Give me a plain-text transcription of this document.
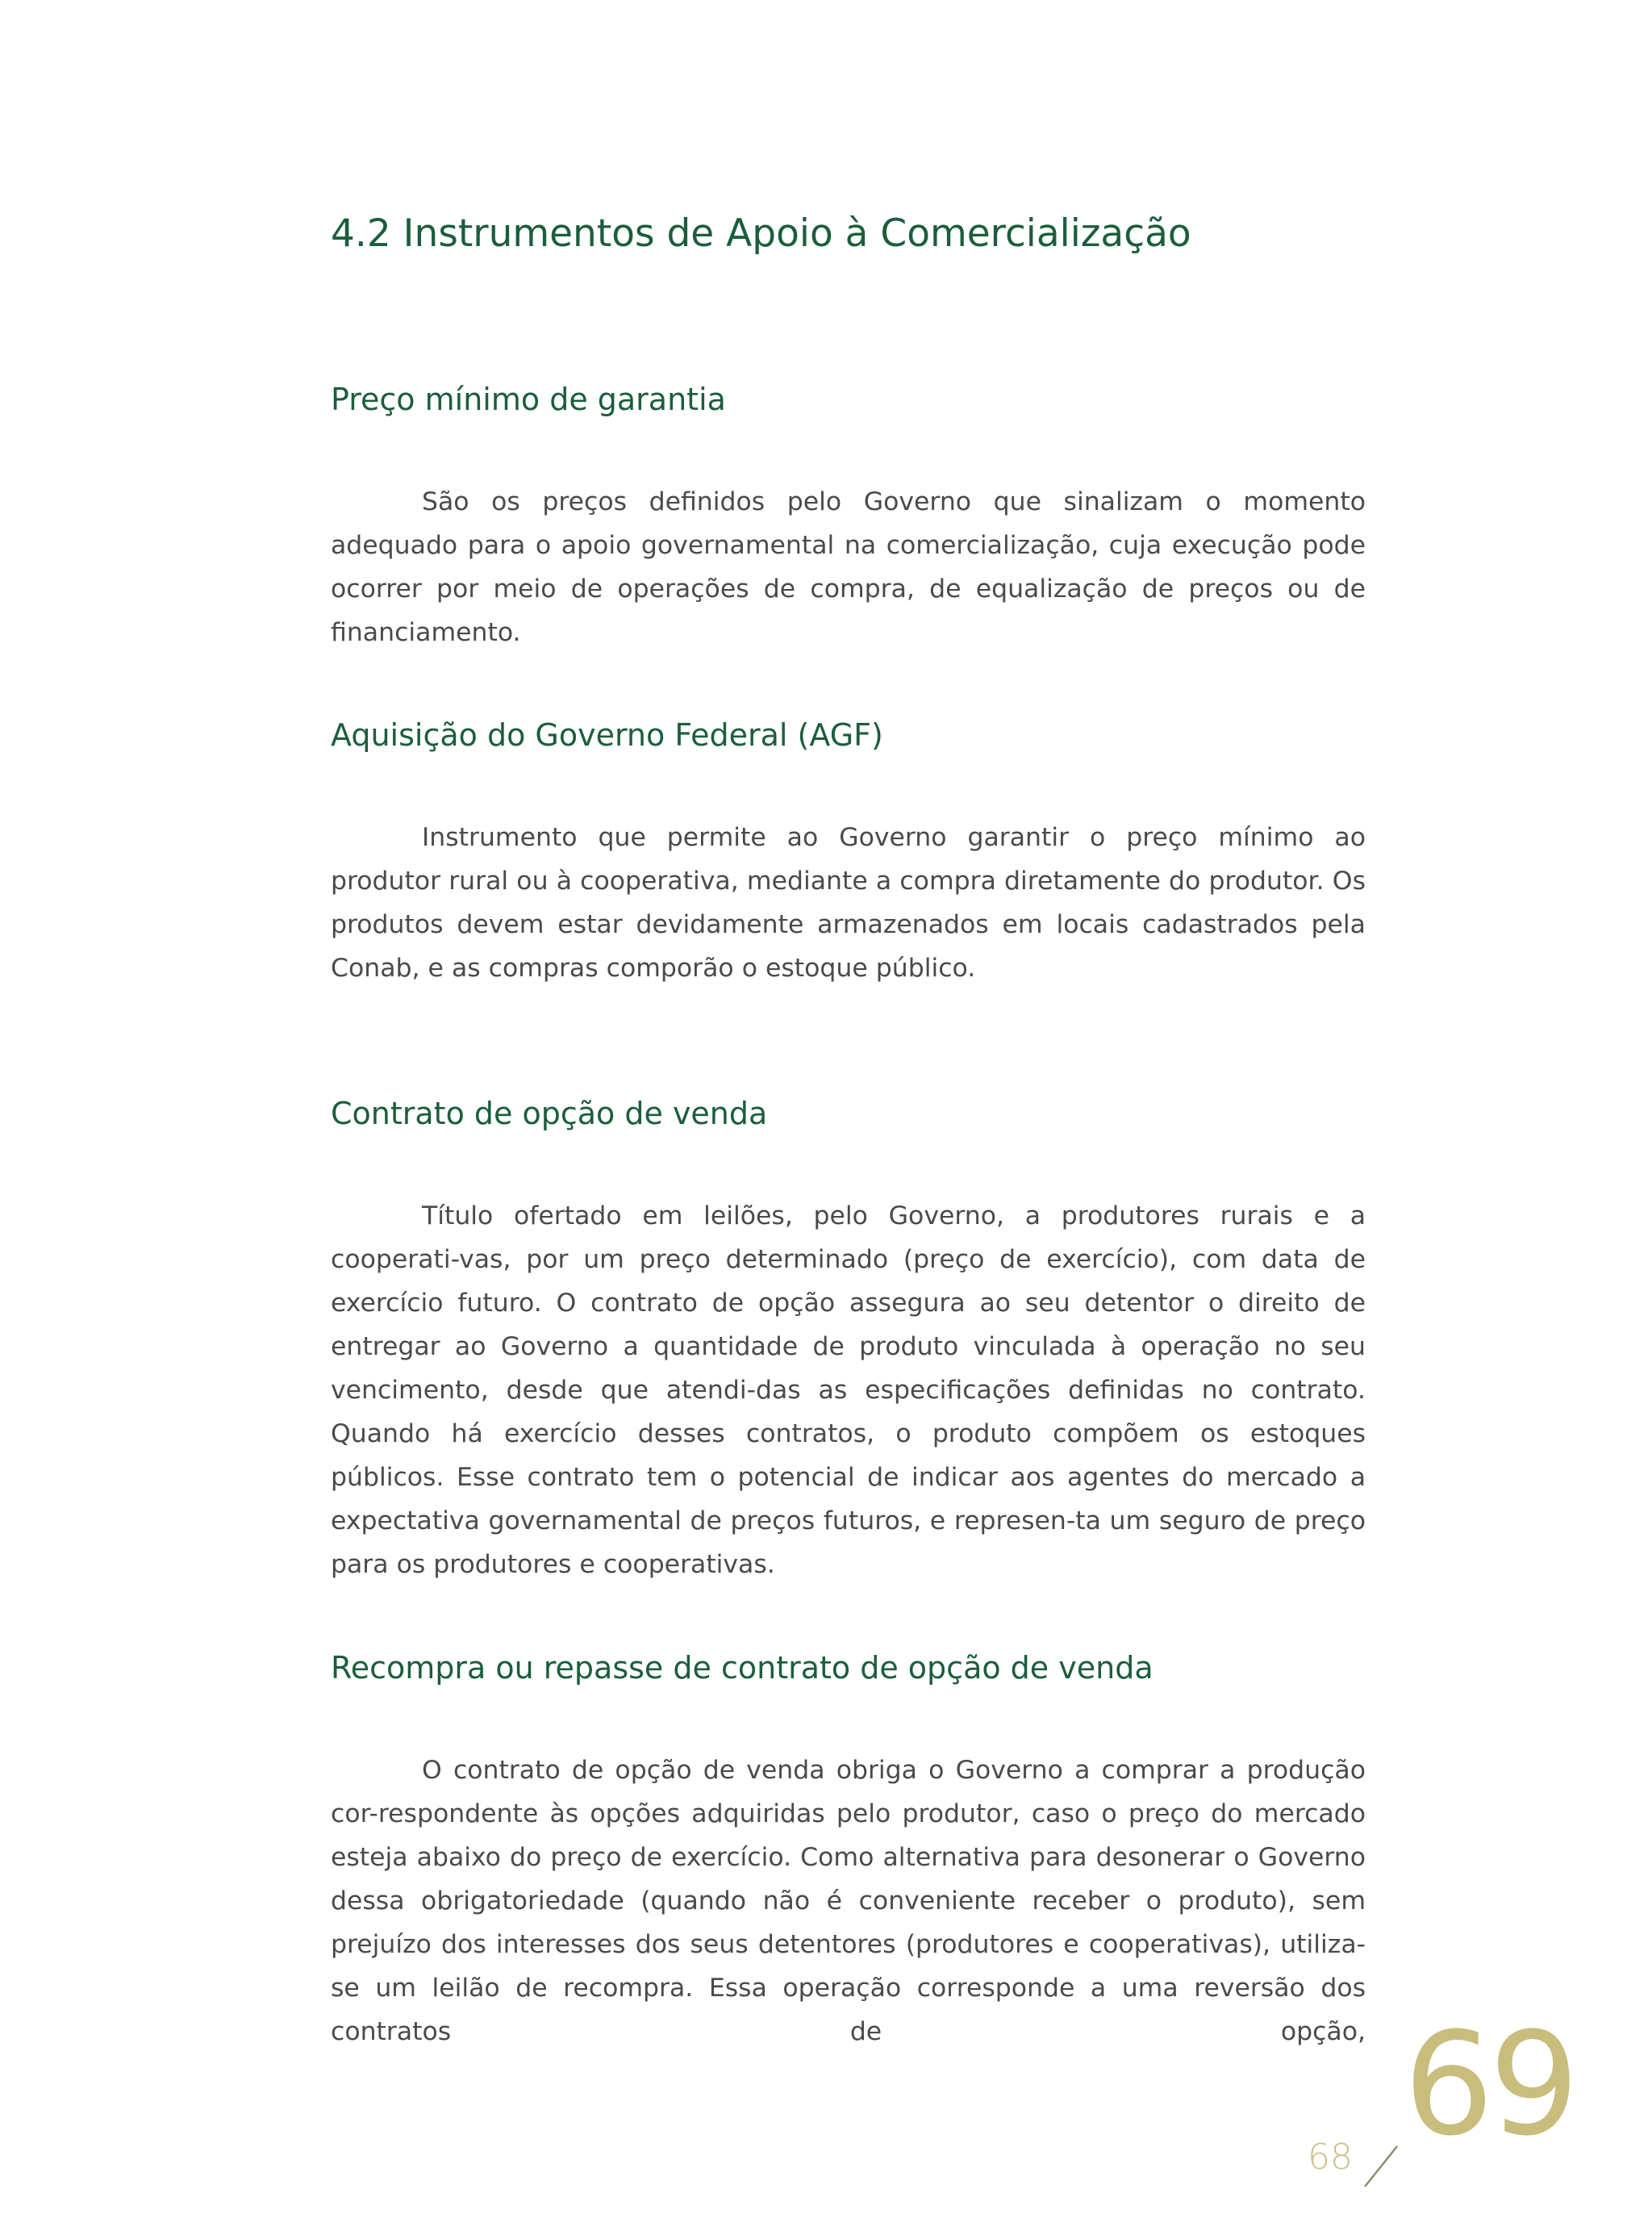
4.2 Instrumentos de Apoio à Comercialização
Preço mínimo de garantia

São os preços definidos pelo Governo que sinalizam o momento adequado para o apoio governamental na comercialização, cuja execução pode ocorrer por meio de operações de compra, de equalização de preços ou de financiamento.

Aquisição do Governo Federal (AGF)

Instrumento que permite ao Governo garantir o preço mínimo ao produtor rural ou à cooperativa, mediante a compra diretamente do produtor. Os produtos devem estar devidamente armazenados em locais cadastrados pela Conab, e as compras comporão o estoque público.

Contrato de opção de venda

Título ofertado em leilões, pelo Governo, a produtores rurais e a cooperati-vas, por um preço determinado (preço de exercício), com data de exercício futuro. O contrato de opção assegura ao seu detentor o direito de entregar ao Governo a quantidade de produto vinculada à operação no seu vencimento, desde que atendi-das as especificações definidas no contrato. Quando há exercício desses contratos, o produto compõem os estoques públicos. Esse contrato tem o potencial de indicar aos agentes do mercado a expectativa governamental de preços futuros, e represen-ta um seguro de preço para os produtores e cooperativas.

Recompra ou repasse de contrato de opção de venda

O contrato de opção de venda obriga o Governo a comprar a produção cor-respondente às opções adquiridas pelo produtor, caso o preço do mercado esteja abaixo do preço de exercício. Como alternativa para desonerar o Governo dessa obrigatoriedade (quando não é conveniente receber o produto), sem prejuízo dos interesses dos seus detentores (produtores e cooperativas), utiliza-se um leilão de recompra. Essa operação corresponde a uma reversão dos contratos de opção,

68 69
